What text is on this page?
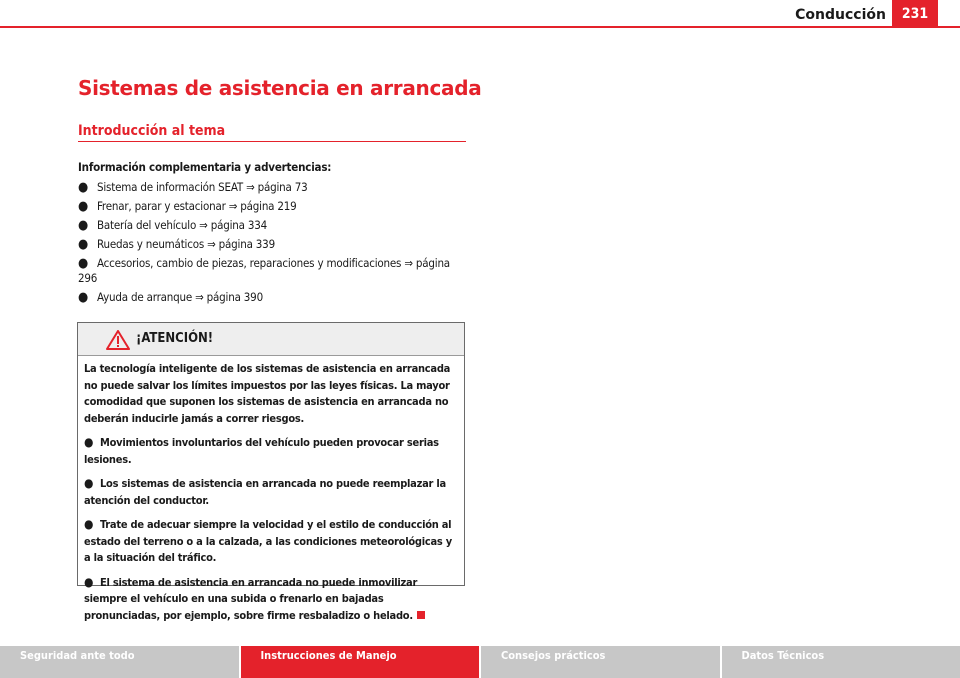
Conducción	231
Sistemas de asistencia en arrancada
Introducción al tema
Información complementaria y advertencias:
● Sistema de información SEAT ⇒ página 73
● Frenar, parar y estacionar ⇒ página 219
● Batería del vehículo ⇒ página 334
● Ruedas y neumáticos ⇒ página 339
● Accesorios, cambio de piezas, reparaciones y modificaciones ⇒ página 296
● Ayuda de arranque ⇒ página 390
¡ATENCIÓN!

La tecnología inteligente de los sistemas de asistencia en arrancada no puede salvar los límites impuestos por las leyes físicas. La mayor comodidad que suponen los sistemas de asistencia en arrancada no deberán inducirle jamás a correr riesgos.

● Movimientos involuntarios del vehículo pueden provocar serias lesiones.

● Los sistemas de asistencia en arrancada no puede reemplazar la atención del conductor.

● Trate de adecuar siempre la velocidad y el estilo de conducción al estado del terreno o a la calzada, a las condiciones meteorológicas y a la situación del tráfico.

● El sistema de asistencia en arrancada no puede inmovilizar siempre el vehículo en una subida o frenarlo en bajadas pronunciadas, por ejemplo, sobre firme resbaladizo o helado.

Seguridad ante todo	Instrucciones de Manejo	Consejos prácticos	Datos Técnicos
